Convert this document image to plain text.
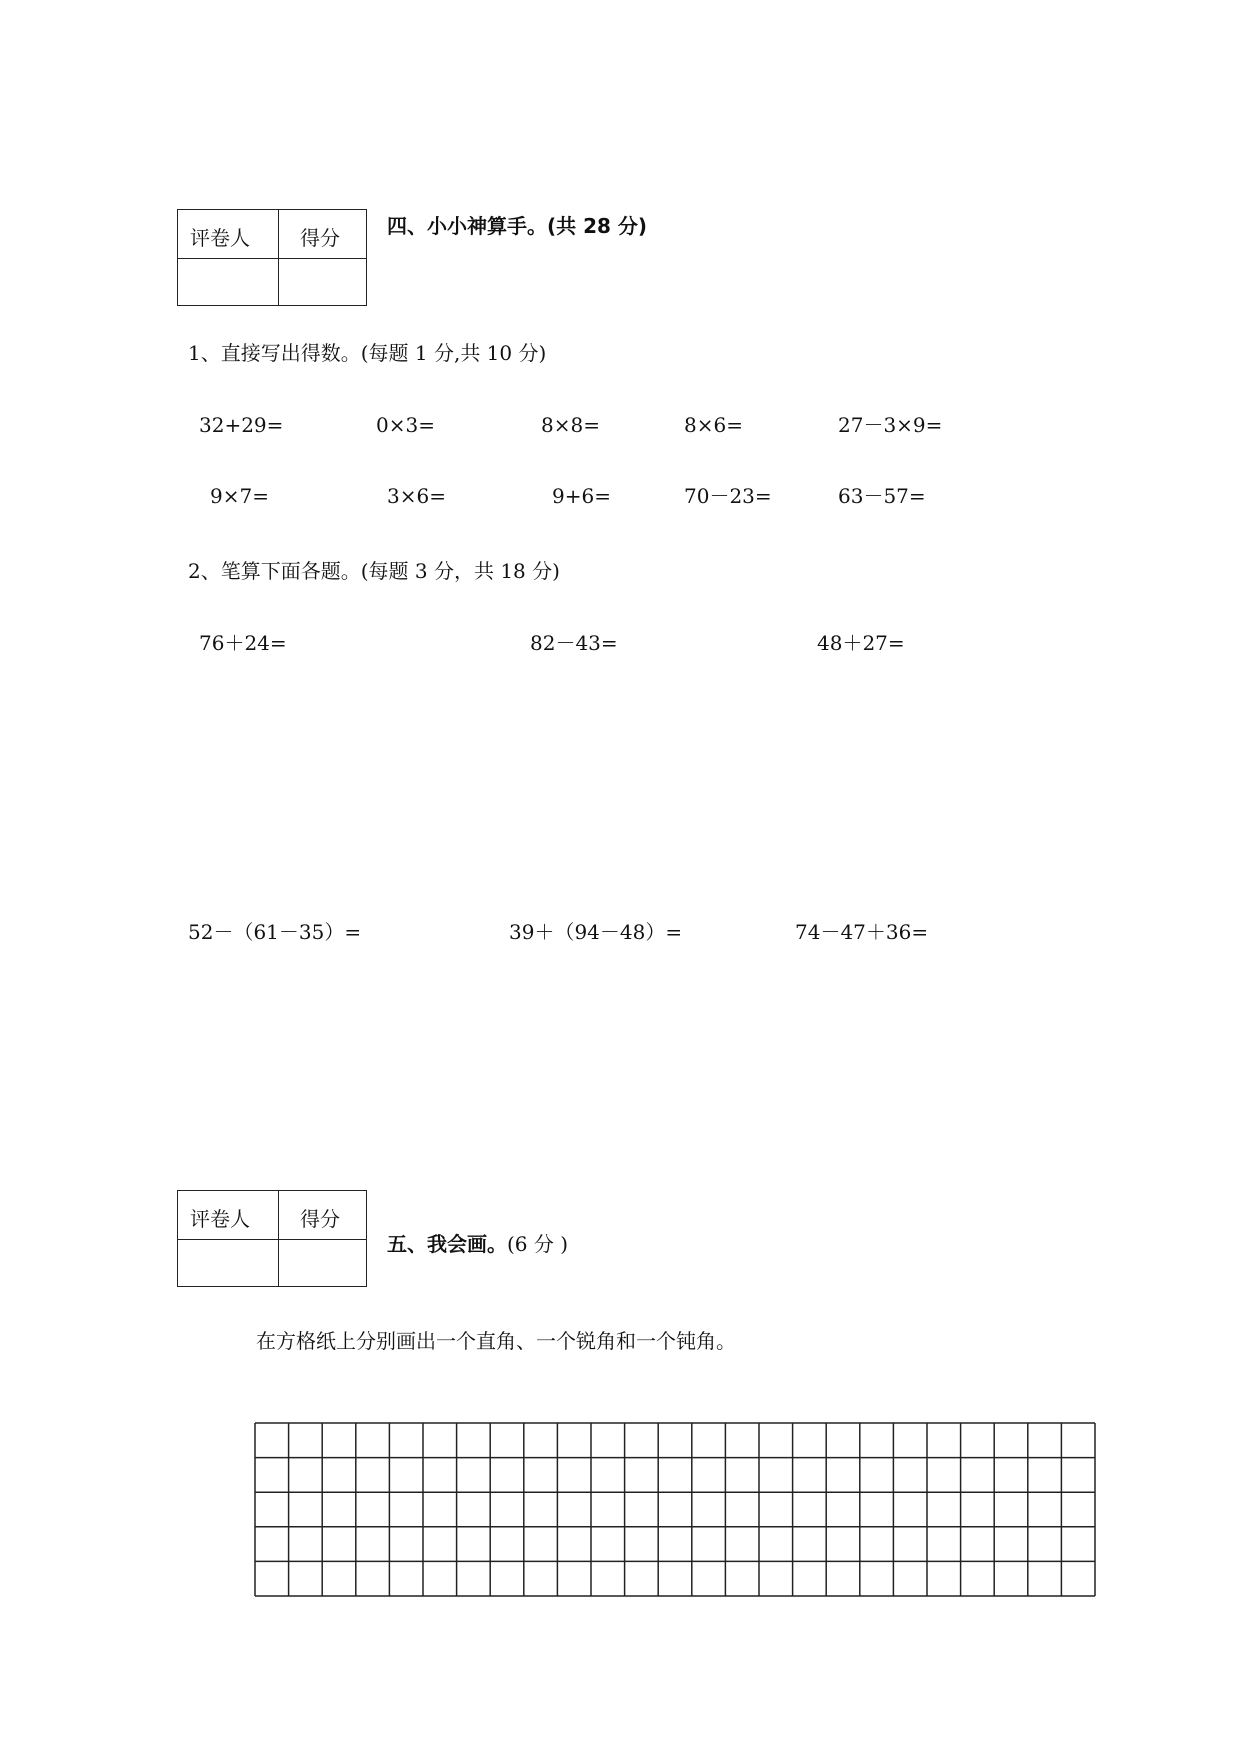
评卷人	得分 四、小小神算手。(共 28 分)
1、直接写出得数。(每题 1 分,共 10 分)
32+29=	0×3=	8×8=	8×6=	27－3×9=
9×7=	3×6=	9+6=	70－23=	63－57=
2、笔算下面各题。(每题 3 分，共 18 分)
76＋24=	82－43=	48＋27=
52－（61－35）=	39＋（94－48）=	74－47＋36=
评卷人	得分
五、我会画。(6 分 )
在方格纸上分别画出一个直角、一个锐角和一个钝角。
